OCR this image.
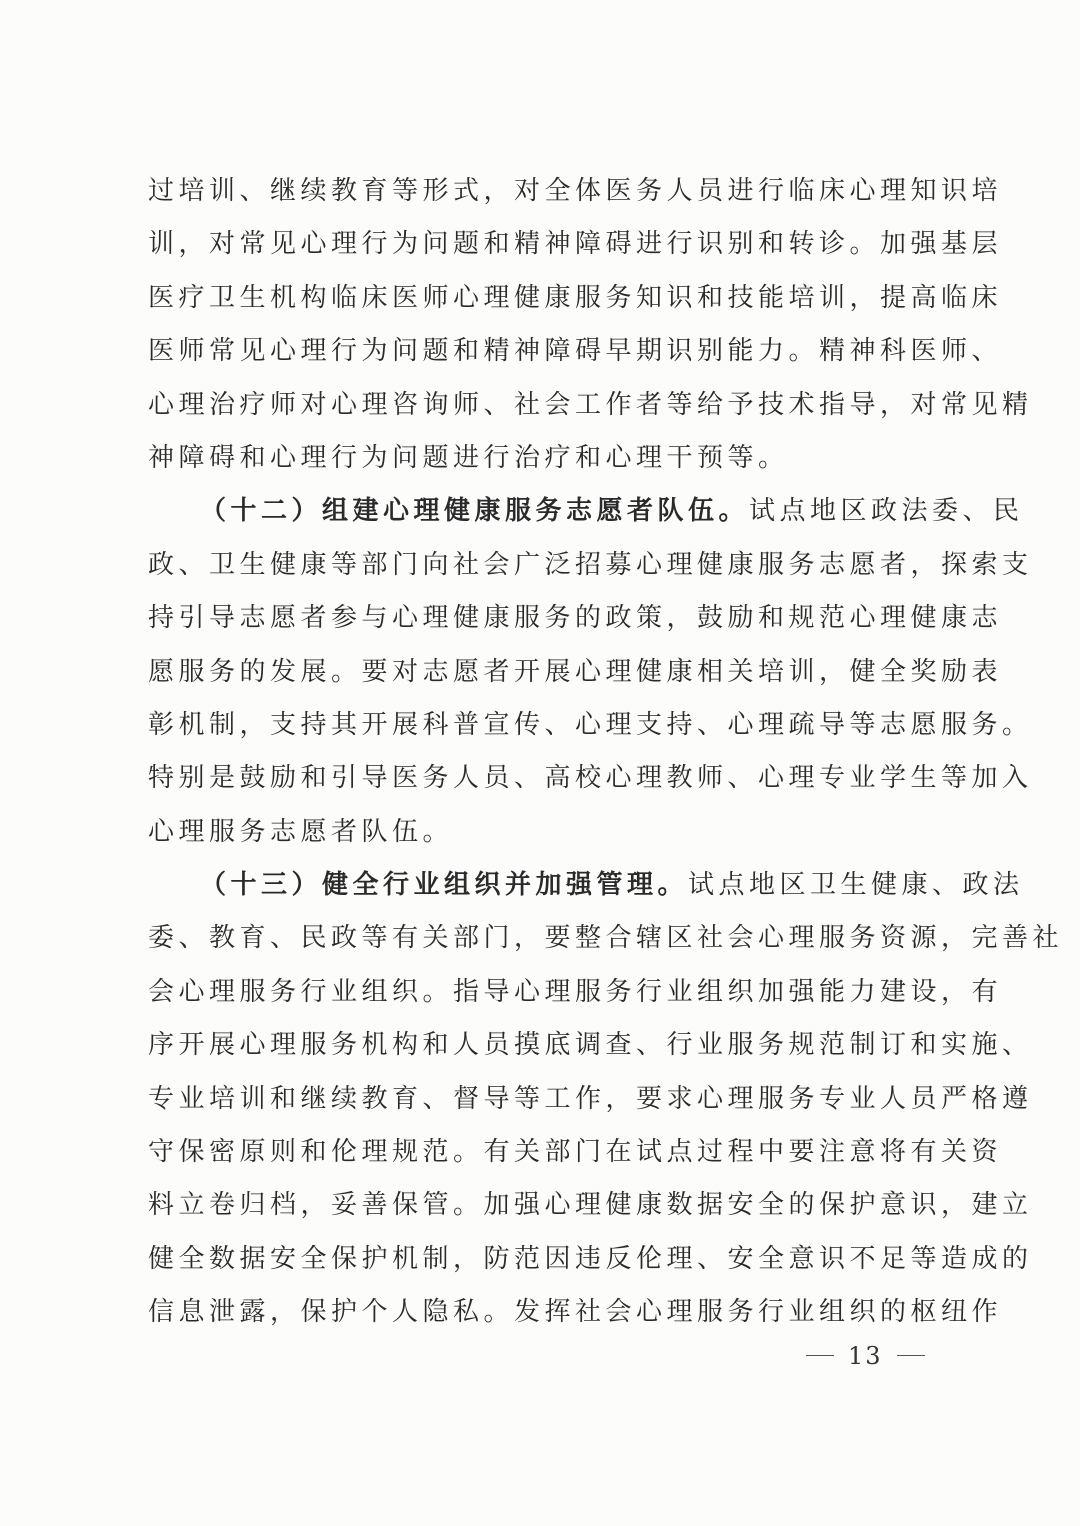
过培训、继续教育等形式，对全体医务人员进行临床心理知识培
训，对常见心理行为问题和精神障碍进行识别和转诊。加强基层
医疗卫生机构临床医师心理健康服务知识和技能培训，提高临床
医师常见心理行为问题和精神障碍早期识别能力。精神科医师、
心理治疗师对心理咨询师、社会工作者等给予技术指导，对常见精
神障碍和心理行为问题进行治疗和心理干预等。
（十二）组建心理健康服务志愿者队伍。试点地区政法委、民
政、卫生健康等部门向社会广泛招募心理健康服务志愿者，探索支
持引导志愿者参与心理健康服务的政策，鼓励和规范心理健康志
愿服务的发展。要对志愿者开展心理健康相关培训，健全奖励表
彰机制，支持其开展科普宣传、心理支持、心理疏导等志愿服务。
特别是鼓励和引导医务人员、高校心理教师、心理专业学生等加入
心理服务志愿者队伍。
（十三）健全行业组织并加强管理。试点地区卫生健康、政法
委、教育、民政等有关部门，要整合辖区社会心理服务资源，完善社
会心理服务行业组织。指导心理服务行业组织加强能力建设，有
序开展心理服务机构和人员摸底调查、行业服务规范制订和实施、
专业培训和继续教育、督导等工作，要求心理服务专业人员严格遵
守保密原则和伦理规范。有关部门在试点过程中要注意将有关资
料立卷归档，妥善保管。加强心理健康数据安全的保护意识，建立
健全数据安全保护机制，防范因违反伦理、安全意识不足等造成的
信息泄露，保护个人隐私。发挥社会心理服务行业组织的枢纽作
13
